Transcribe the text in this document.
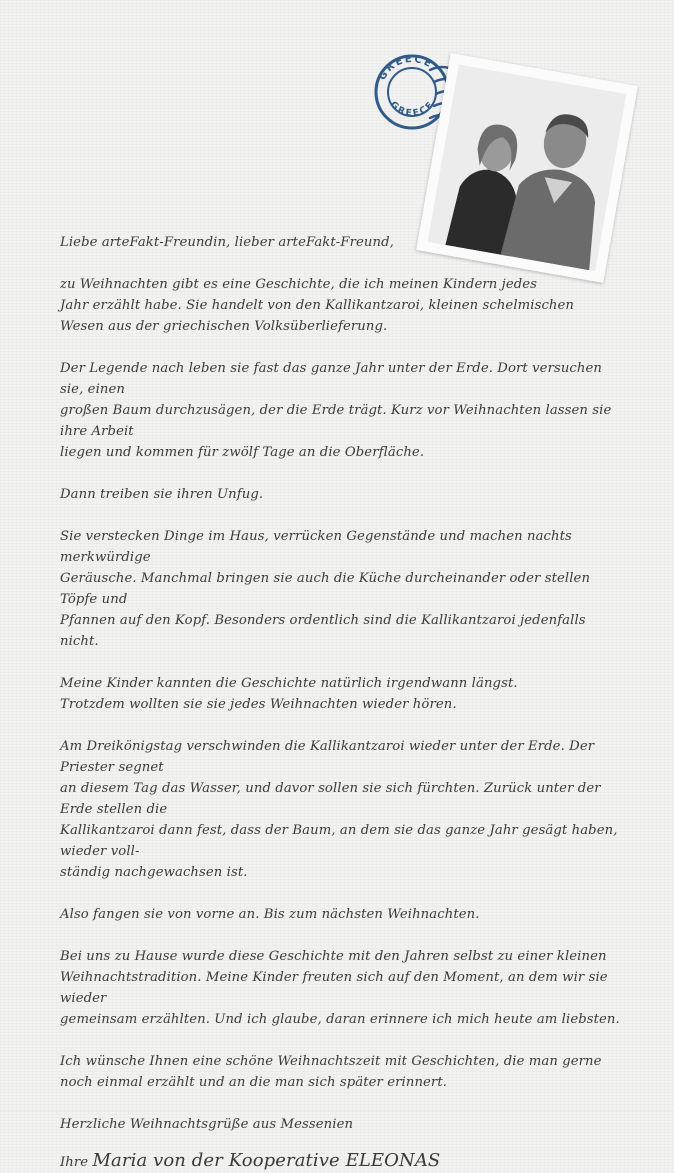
GREECE
GREECE

Liebe arteFakt-Freundin, lieber arteFakt-Freund,

zu Weihnachten gibt es eine Geschichte, die ich meinen Kindern jedes
Jahr erzählt habe. Sie handelt von den Kallikantzaroi, kleinen schelmischen
Wesen aus der griechischen Volksüberlieferung.

Der Legende nach leben sie fast das ganze Jahr unter der Erde. Dort versuchen sie, einen
großen Baum durchzusägen, der die Erde trägt. Kurz vor Weihnachten lassen sie ihre Arbeit
liegen und kommen für zwölf Tage an die Oberfläche.

Dann treiben sie ihren Unfug.

Sie verstecken Dinge im Haus, verrücken Gegenstände und machen nachts merkwürdige
Geräusche. Manchmal bringen sie auch die Küche durcheinander oder stellen Töpfe und
Pfannen auf den Kopf. Besonders ordentlich sind die Kallikantzaroi jedenfalls nicht.

Meine Kinder kannten die Geschichte natürlich irgendwann längst.
Trotzdem wollten sie sie jedes Weihnachten wieder hören.

Am Dreikönigstag verschwinden die Kallikantzaroi wieder unter der Erde. Der Priester segnet
an diesem Tag das Wasser, und davor sollen sie sich fürchten. Zurück unter der Erde stellen die
Kallikantzaroi dann fest, dass der Baum, an dem sie das ganze Jahr gesägt haben, wieder voll-
ständig nachgewachsen ist.

Also fangen sie von vorne an. Bis zum nächsten Weihnachten.

Bei uns zu Hause wurde diese Geschichte mit den Jahren selbst zu einer kleinen
Weihnachtstradition. Meine Kinder freuten sich auf den Moment, an dem wir sie wieder
gemeinsam erzählten. Und ich glaube, daran erinnere ich mich heute am liebsten.

Ich wünsche Ihnen eine schöne Weihnachtszeit mit Geschichten, die man gerne
noch einmal erzählt und an die man sich später erinnert.

Herzliche Weihnachtsgrüße aus Messenien

Ihre Maria von der Kooperative ELEONAS
